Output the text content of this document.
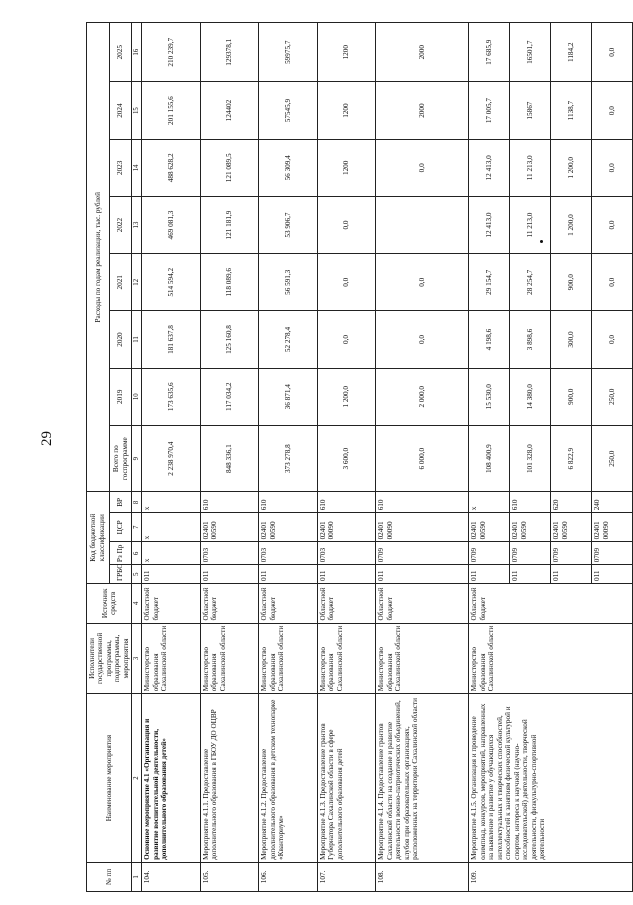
29
№ пп	Наименование мероприятия	Исполнители государственной программы, подпрограммы, мероприятия	Источник средств	Код бюджетной классификации				Расходы по годам реализации, тыс. рублей							
				ГРБС	Рз Пр	ЦСР	ВР	Всего по госпрограмме	2019	2020	2021	2022	2023	2024	2025
1	2	3	4	5	6	7	8	9	10	11	12	13	14	15	16
104.	Основное мероприятие 4.1 «Организация и развитие воспитательной деятельности, дополнительного образования детей»	Министерство образования Сахалинской области	Областной бюджет	011	x	x	x	2 238 970,4	173 635,6	181 637,8	514 594,2	469 081,3	488 628,2	201 155,6	210 239,7
105.	Мероприятие 4.1.1. Предоставление дополнительного образования в ГБОУ ДО ОЦВР	Министерство образования Сахалинской области	Областной бюджет	011	0703	02401 00590	610	848 336,1	117 034,2	125 160,8	118 089,6	121 181,9	121 089,5	124402	129378,1
106.	Мероприятие 4.1.2. Предоставление дополнительного образования в детском технопарке «Кванториум»	Министерство образования Сахалинской области	Областной бюджет	011	0703	02401 00590	610	373 278,8	36 871,4	52 278,4	56 591,3	53 906,7	56 309,4	57545,9	59975,7
107.	Мероприятие 4.1.3. Предоставление грантов Губернатора Сахалинской области в сфере дополнительного образования детей	Министерство образования Сахалинской области	Областной бюджет	011	0703	02401 00090	610	3 600,0	1 200,0	0,0	0,0	0,0	1200	1200	1200
108.	Мероприятие 4.1.4. Предоставление грантов Сахалинской области на создание и развитие деятельности военно-патриотических объединений, клубов при образовательных организациях, расположенных на территории Сахалинской области	Министерство образования Сахалинской области	Областной бюджет	011	0709	02401 00090	610	6 000,0	2 000,0	0,0	0,0		0,0	2000	2000
109.	Мероприятие 4.1.5. Организация и проведение олимпиад, конкурсов, мероприятий, направленных на выявление и развитие у обучающихся интеллектуальных и творческих способностей, способностей к занятиям физической культурой и спортом, интереса к научной (научно-исследовательской) деятельности, творческой деятельности, физкультурно-спортивной деятельности	Министерство образования Сахалинской области	Областной бюджет	011	0709	02401 00590	x	108 400,9	15 530,0	4 198,6	29 154,7	12 413,0	12 413,0	17 005,7	17 685,9
				011	0709	02401 00590	610	101 328,0	14 380,0	3 898,6	28 254,7	11 213,0	11 213,0	15867	16501,7
				011	0709	02401 00590	620	6 822,9	900,0	300,0	900,0	1 200,0	1 200,0	1138,7	1184,2
				011	0709	02401 00090	240	250,0	250,0	0,0	0,0	0,0	0,0	0,0	0,0
